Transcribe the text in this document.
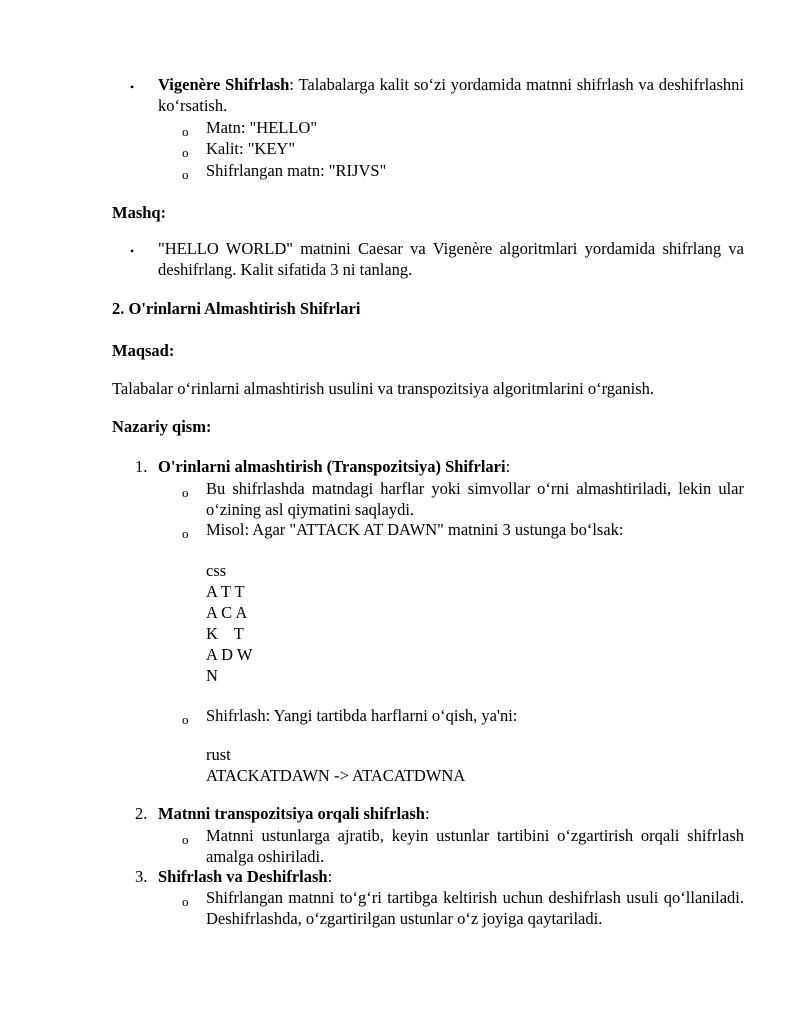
• Vigenère Shifrlash: Talabalarga kalit so‘zi yordamida matnni shifrlash va deshifrlashni ko‘rsatish.
o Matn: "HELLO"
o Kalit: "KEY"
o Shifrlangan matn: "RIJVS"
Mashq:
• "HELLO WORLD" matnini Caesar va Vigenère algoritmlari yordamida shifrlang va deshifrlang. Kalit sifatida 3 ni tanlang.
2. O'rinlarni Almashtirish Shifrlari
Maqsad:
Talabalar o‘rinlarni almashtirish usulini va transpozitsiya algoritmlarini o‘rganish.
Nazariy qism:
1. O'rinlarni almashtirish (Transpozitsiya) Shifrlari:
o Bu shifrlashda matndagi harflar yoki simvollar o‘rni almashtiriladi, lekin ular o‘zining asl qiymatini saqlaydi.
o Misol: Agar "ATTACK AT DAWN" matnini 3 ustunga bo‘lsak:
css
A T T
A C A
K T
A D W
N
o Shifrlash: Yangi tartibda harflarni o‘qish, ya'ni:
rust
ATACKATDAWN -> ATACATDWNA
2. Matnni transpozitsiya orqali shifrlash:
o Matnni ustunlarga ajratib, keyin ustunlar tartibini o‘zgartirish orqali shifrlash amalga oshiriladi.
3. Shifrlash va Deshifrlash:
o Shifrlangan matnni to‘g‘ri tartibga keltirish uchun deshifrlash usuli qo‘llaniladi. Deshifrlashda, o‘zgartirilgan ustunlar o‘z joyiga qaytariladi.
